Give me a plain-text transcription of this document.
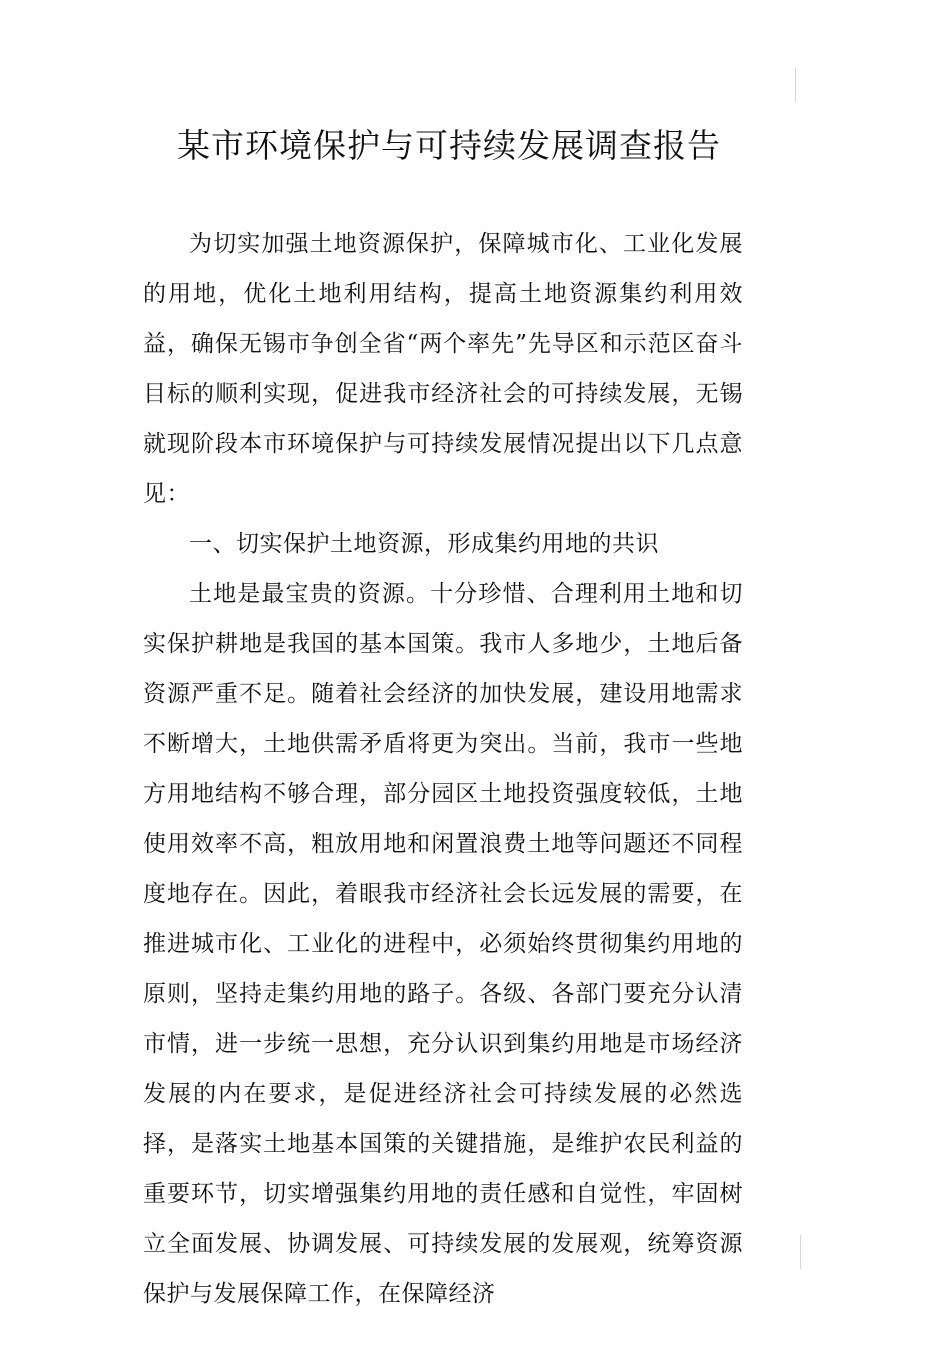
某市环境保护与可持续发展调查报告

为切实加强土地资源保护，保障城市化、工业化发展的用地，优化土地利用结构，提高土地资源集约利用效益，确保无锡市争创全省“两个率先”先导区和示范区奋斗目标的顺利实现，促进我市经济社会的可持续发展，无锡就现阶段本市环境保护与可持续发展情况提出以下几点意见：

一、切实保护土地资源，形成集约用地的共识

土地是最宝贵的资源。十分珍惜、合理利用土地和切实保护耕地是我国的基本国策。我市人多地少，土地后备资源严重不足。随着社会经济的加快发展，建设用地需求不断增大，土地供需矛盾将更为突出。当前，我市一些地方用地结构不够合理，部分园区土地投资强度较低，土地使用效率不高，粗放用地和闲置浪费土地等问题还不同程度地存在。因此，着眼我市经济社会长远发展的需要，在推进城市化、工业化的进程中，必须始终贯彻集约用地的原则，坚持走集约用地的路子。各级、各部门要充分认清市情，进一步统一思想，充分认识到集约用地是市场经济发展的内在要求，是促进经济社会可持续发展的必然选择，是落实土地基本国策的关键措施，是维护农民利益的重要环节，切实增强集约用地的责任感和自觉性，牢固树立全面发展、协调发展、可持续发展的发展观，统筹资源保护与发展保障工作，在保障经济
